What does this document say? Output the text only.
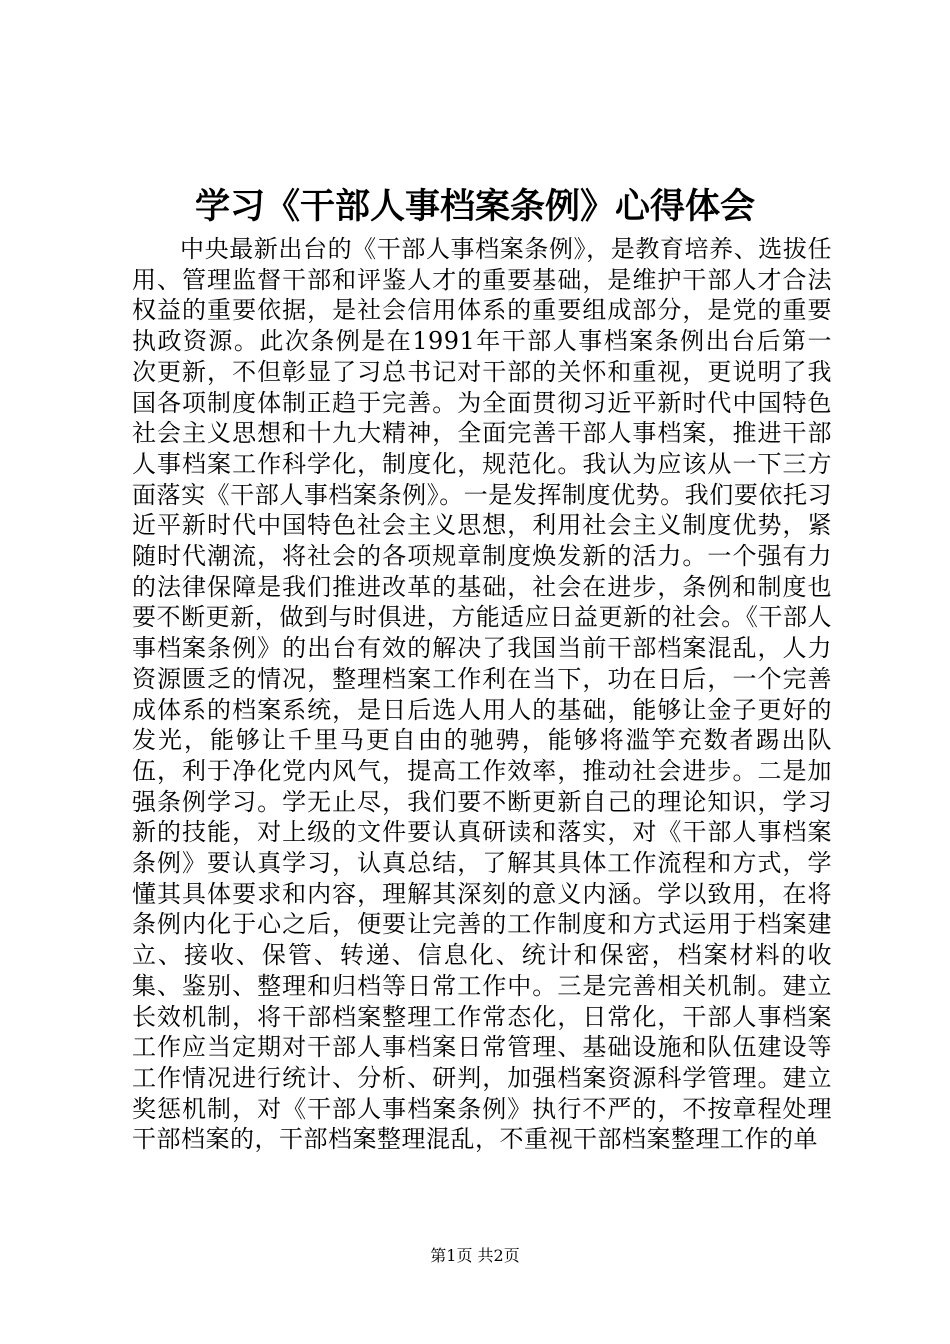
学习《干部人事档案条例》心得体会

中央最新出台的《干部人事档案条例》，是教育培养、选拔任用、管理监督干部和评鉴人才的重要基础，是维护干部人才合法权益的重要依据，是社会信用体系的重要组成部分，是党的重要执政资源。此次条例是在1991年干部人事档案条例出台后第一次更新，不但彰显了习总书记对干部的关怀和重视，更说明了我国各项制度体制正趋于完善。为全面贯彻习近平新时代中国特色社会主义思想和十九大精神，全面完善干部人事档案，推进干部人事档案工作科学化，制度化，规范化。我认为应该从一下三方面落实《干部人事档案条例》。一是发挥制度优势。我们要依托习近平新时代中国特色社会主义思想，利用社会主义制度优势，紧随时代潮流，将社会的各项规章制度焕发新的活力。一个强有力的法律保障是我们推进改革的基础，社会在进步，条例和制度也要不断更新，做到与时俱进，方能适应日益更新的社会。《干部人事档案条例》的出台有效的解决了我国当前干部档案混乱，人力资源匮乏的情况，整理档案工作利在当下，功在日后，一个完善成体系的档案系统，是日后选人用人的基础，能够让金子更好的发光，能够让千里马更自由的驰骋，能够将滥竽充数者踢出队伍，利于净化党内风气，提高工作效率，推动社会进步。二是加强条例学习。学无止尽，我们要不断更新自己的理论知识，学习新的技能，对上级的文件要认真研读和落实，对《干部人事档案条例》要认真学习，认真总结，了解其具体工作流程和方式，学懂其具体要求和内容，理解其深刻的意义内涵。学以致用，在将条例内化于心之后，便要让完善的工作制度和方式运用于档案建立、接收、保管、转递、信息化、统计和保密，档案材料的收集、鉴别、整理和归档等日常工作中。三是完善相关机制。建立长效机制，将干部档案整理工作常态化，日常化，干部人事档案工作应当定期对干部人事档案日常管理、基础设施和队伍建设等工作情况进行统计、分析、研判，加强档案资源科学管理。建立奖惩机制，对《干部人事档案条例》执行不严的，不按章程处理干部档案的，干部档案整理混乱，不重视干部档案整理工作的单

第1页 共2页
